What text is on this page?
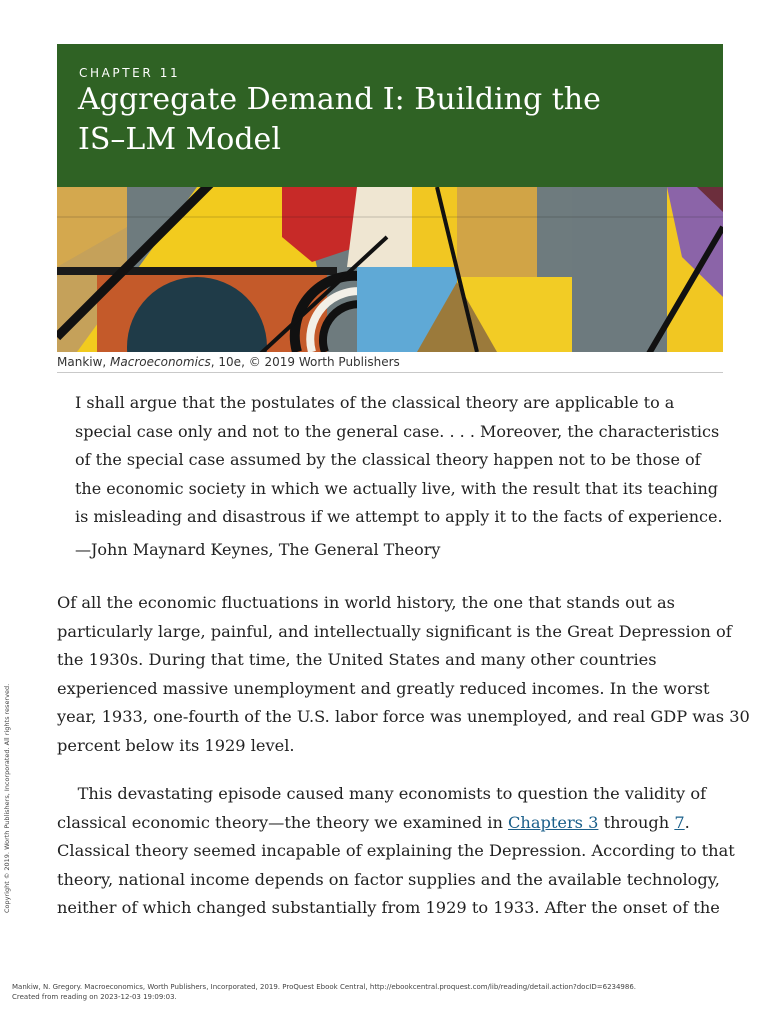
CHAPTER 11
Aggregate Demand I: Building the
IS–LM Model
Mankiw, Macroeconomics, 10e, © 2019 Worth Publishers

I shall argue that the postulates of the classical theory are applicable to a

special case only and not to the general case. . . . Moreover, the characteristics

of the special case assumed by the classical theory happen not to be those of

the economic society in which we actually live, with the result that its teaching

is misleading and disastrous if we attempt to apply it to the facts of experience.

—John Maynard Keynes, The General Theory

Of all the economic fluctuations in world history, the one that stands out as

particularly large, painful, and intellectually significant is the Great Depression of

the 1930s. During that time, the United States and many other countries

experienced massive unemployment and greatly reduced incomes. In the worst

year, 1933, one-fourth of the U.S. labor force was unemployed, and real GDP was 30

percent below its 1929 level.

This devastating episode caused many economists to question the validity of

classical economic theory—the theory we examined in Chapters 3 through 7.

Classical theory seemed incapable of explaining the Depression. According to that

theory, national income depends on factor supplies and the available technology,

neither of which changed substantially from 1929 to 1933. After the onset of the

Copyright © 2019. Worth Publishers, Incorporated. All rights reserved.
Mankiw, N. Gregory. Macroeconomics, Worth Publishers, Incorporated, 2019. ProQuest Ebook Central, http://ebookcentral.proquest.com/lib/reading/detail.action?docID=6234986.
Created from reading on 2023-12-03 19:09:03.
